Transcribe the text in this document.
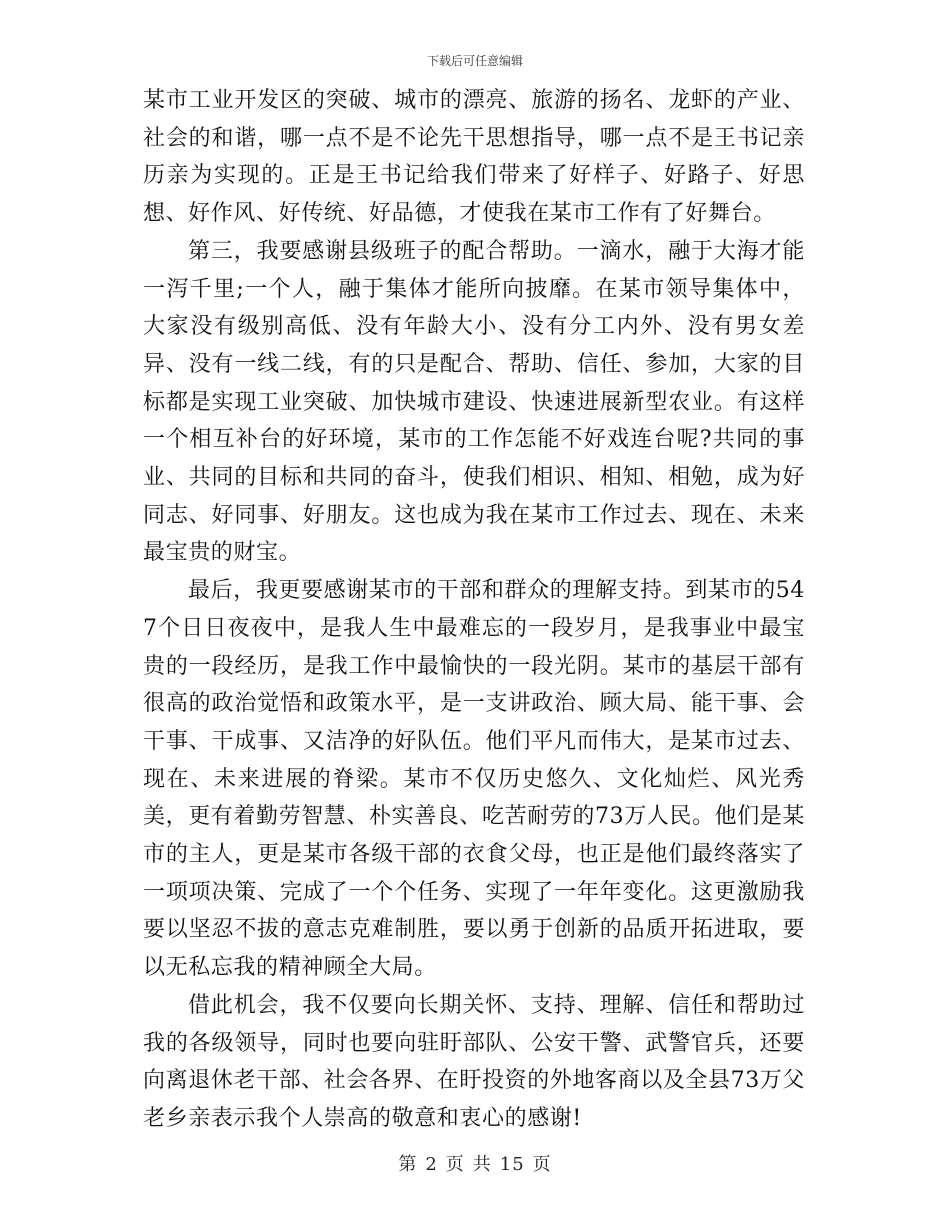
下载后可任意编辑

某市工业开发区的突破、城市的漂亮、旅游的扬名、龙虾的产业、社会的和谐，哪一点不是不论先干思想指导，哪一点不是王书记亲历亲为实现的。正是王书记给我们带来了好样子、好路子、好思想、好作风、好传统、好品德，才使我在某市工作有了好舞台。

第三，我要感谢县级班子的配合帮助。一滴水，融于大海才能一泻千里;一个人，融于集体才能所向披靡。在某市领导集体中，大家没有级别高低、没有年龄大小、没有分工内外、没有男女差异、没有一线二线，有的只是配合、帮助、信任、参加，大家的目标都是实现工业突破、加快城市建设、快速进展新型农业。有这样一个相互补台的好环境，某市的工作怎能不好戏连台呢?共同的事业、共同的目标和共同的奋斗，使我们相识、相知、相勉，成为好同志、好同事、好朋友。这也成为我在某市工作过去、现在、未来最宝贵的财宝。

最后，我更要感谢某市的干部和群众的理解支持。到某市的547个日日夜夜中，是我人生中最难忘的一段岁月，是我事业中最宝贵的一段经历，是我工作中最愉快的一段光阴。某市的基层干部有很高的政治觉悟和政策水平，是一支讲政治、顾大局、能干事、会干事、干成事、又洁净的好队伍。他们平凡而伟大，是某市过去、现在、未来进展的脊梁。某市不仅历史悠久、文化灿烂、风光秀美，更有着勤劳智慧、朴实善良、吃苦耐劳的73万人民。他们是某市的主人，更是某市各级干部的衣食父母，也正是他们最终落实了一项项决策、完成了一个个任务、实现了一年年变化。这更激励我要以坚忍不拔的意志克难制胜，要以勇于创新的品质开拓进取，要以无私忘我的精神顾全大局。

借此机会，我不仅要向长期关怀、支持、理解、信任和帮助过我的各级领导，同时也要向驻盱部队、公安干警、武警官兵，还要向离退休老干部、社会各界、在盱投资的外地客商以及全县73万父老乡亲表示我个人崇高的敬意和衷心的感谢!

第 2 页 共 15 页
